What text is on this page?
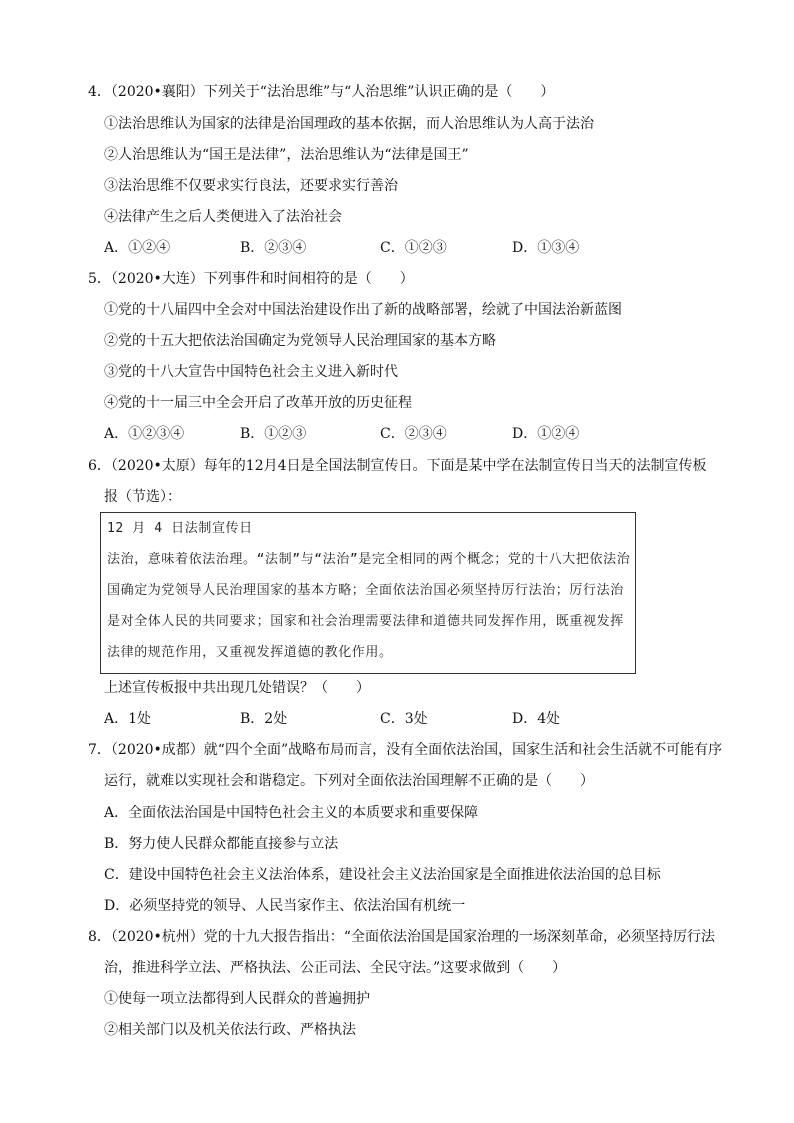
4．（2020•襄阳）下列关于“法治思维”与“人治思维”认识正确的是（　　）
①法治思维认为国家的法律是治国理政的基本依据，而人治思维认为人高于法治
②人治思维认为“国王是法律”，法治思维认为“法律是国王”
③法治思维不仅要求实行良法，还要求实行善治
④法律产生之后人类便进入了法治社会
A．①②④	B．②③④	C．①②③	D．①③④
5．（2020•大连）下列事件和时间相符的是（　　）
①党的十八届四中全会对中国法治建设作出了新的战略部署，绘就了中国法治新蓝图
②党的十五大把依法治国确定为党领导人民治理国家的基本方略
③党的十八大宣告中国特色社会主义进入新时代
④党的十一届三中全会开启了改革开放的历史征程
A．①②③④	B．①②③	C．②③④	D．①②④
6．（2020•太原）每年的12月4日是全国法制宣传日。下面是某中学在法制宣传日当天的法制宣传板
报（节选）：
12 月 4 日法制宣传日
法治，意味着依法治理。“法制”与“法治”是完全相同的两个概念；党的十八大把依法治
国确定为党领导人民治理国家的基本方略；全面依法治国必须坚持厉行法治；厉行法治
是对全体人民的共同要求；国家和社会治理需要法律和道德共同发挥作用，既重视发挥
法律的规范作用，又重视发挥道德的教化作用。
上述宣传板报中共出现几处错误？（　　）
A．1处	B．2处	C．3处	D．4处
7．（2020•成都）就“四个全面”战略布局而言，没有全面依法治国，国家生活和社会生活就不可能有序
运行，就难以实现社会和谐稳定。下列对全面依法治国理解不正确的是（　　）
A．全面依法治国是中国特色社会主义的本质要求和重要保障
B．努力使人民群众都能直接参与立法
C．建设中国特色社会主义法治体系，建设社会主义法治国家是全面推进依法治国的总目标
D．必须坚持党的领导、人民当家作主、依法治国有机统一
8．（2020•杭州）党的十九大报告指出：“全面依法治国是国家治理的一场深刻革命，必须坚持厉行法
治，推进科学立法、严格执法、公正司法、全民守法。”这要求做到（　　）
①使每一项立法都得到人民群众的普遍拥护
②相关部门以及机关依法行政、严格执法
